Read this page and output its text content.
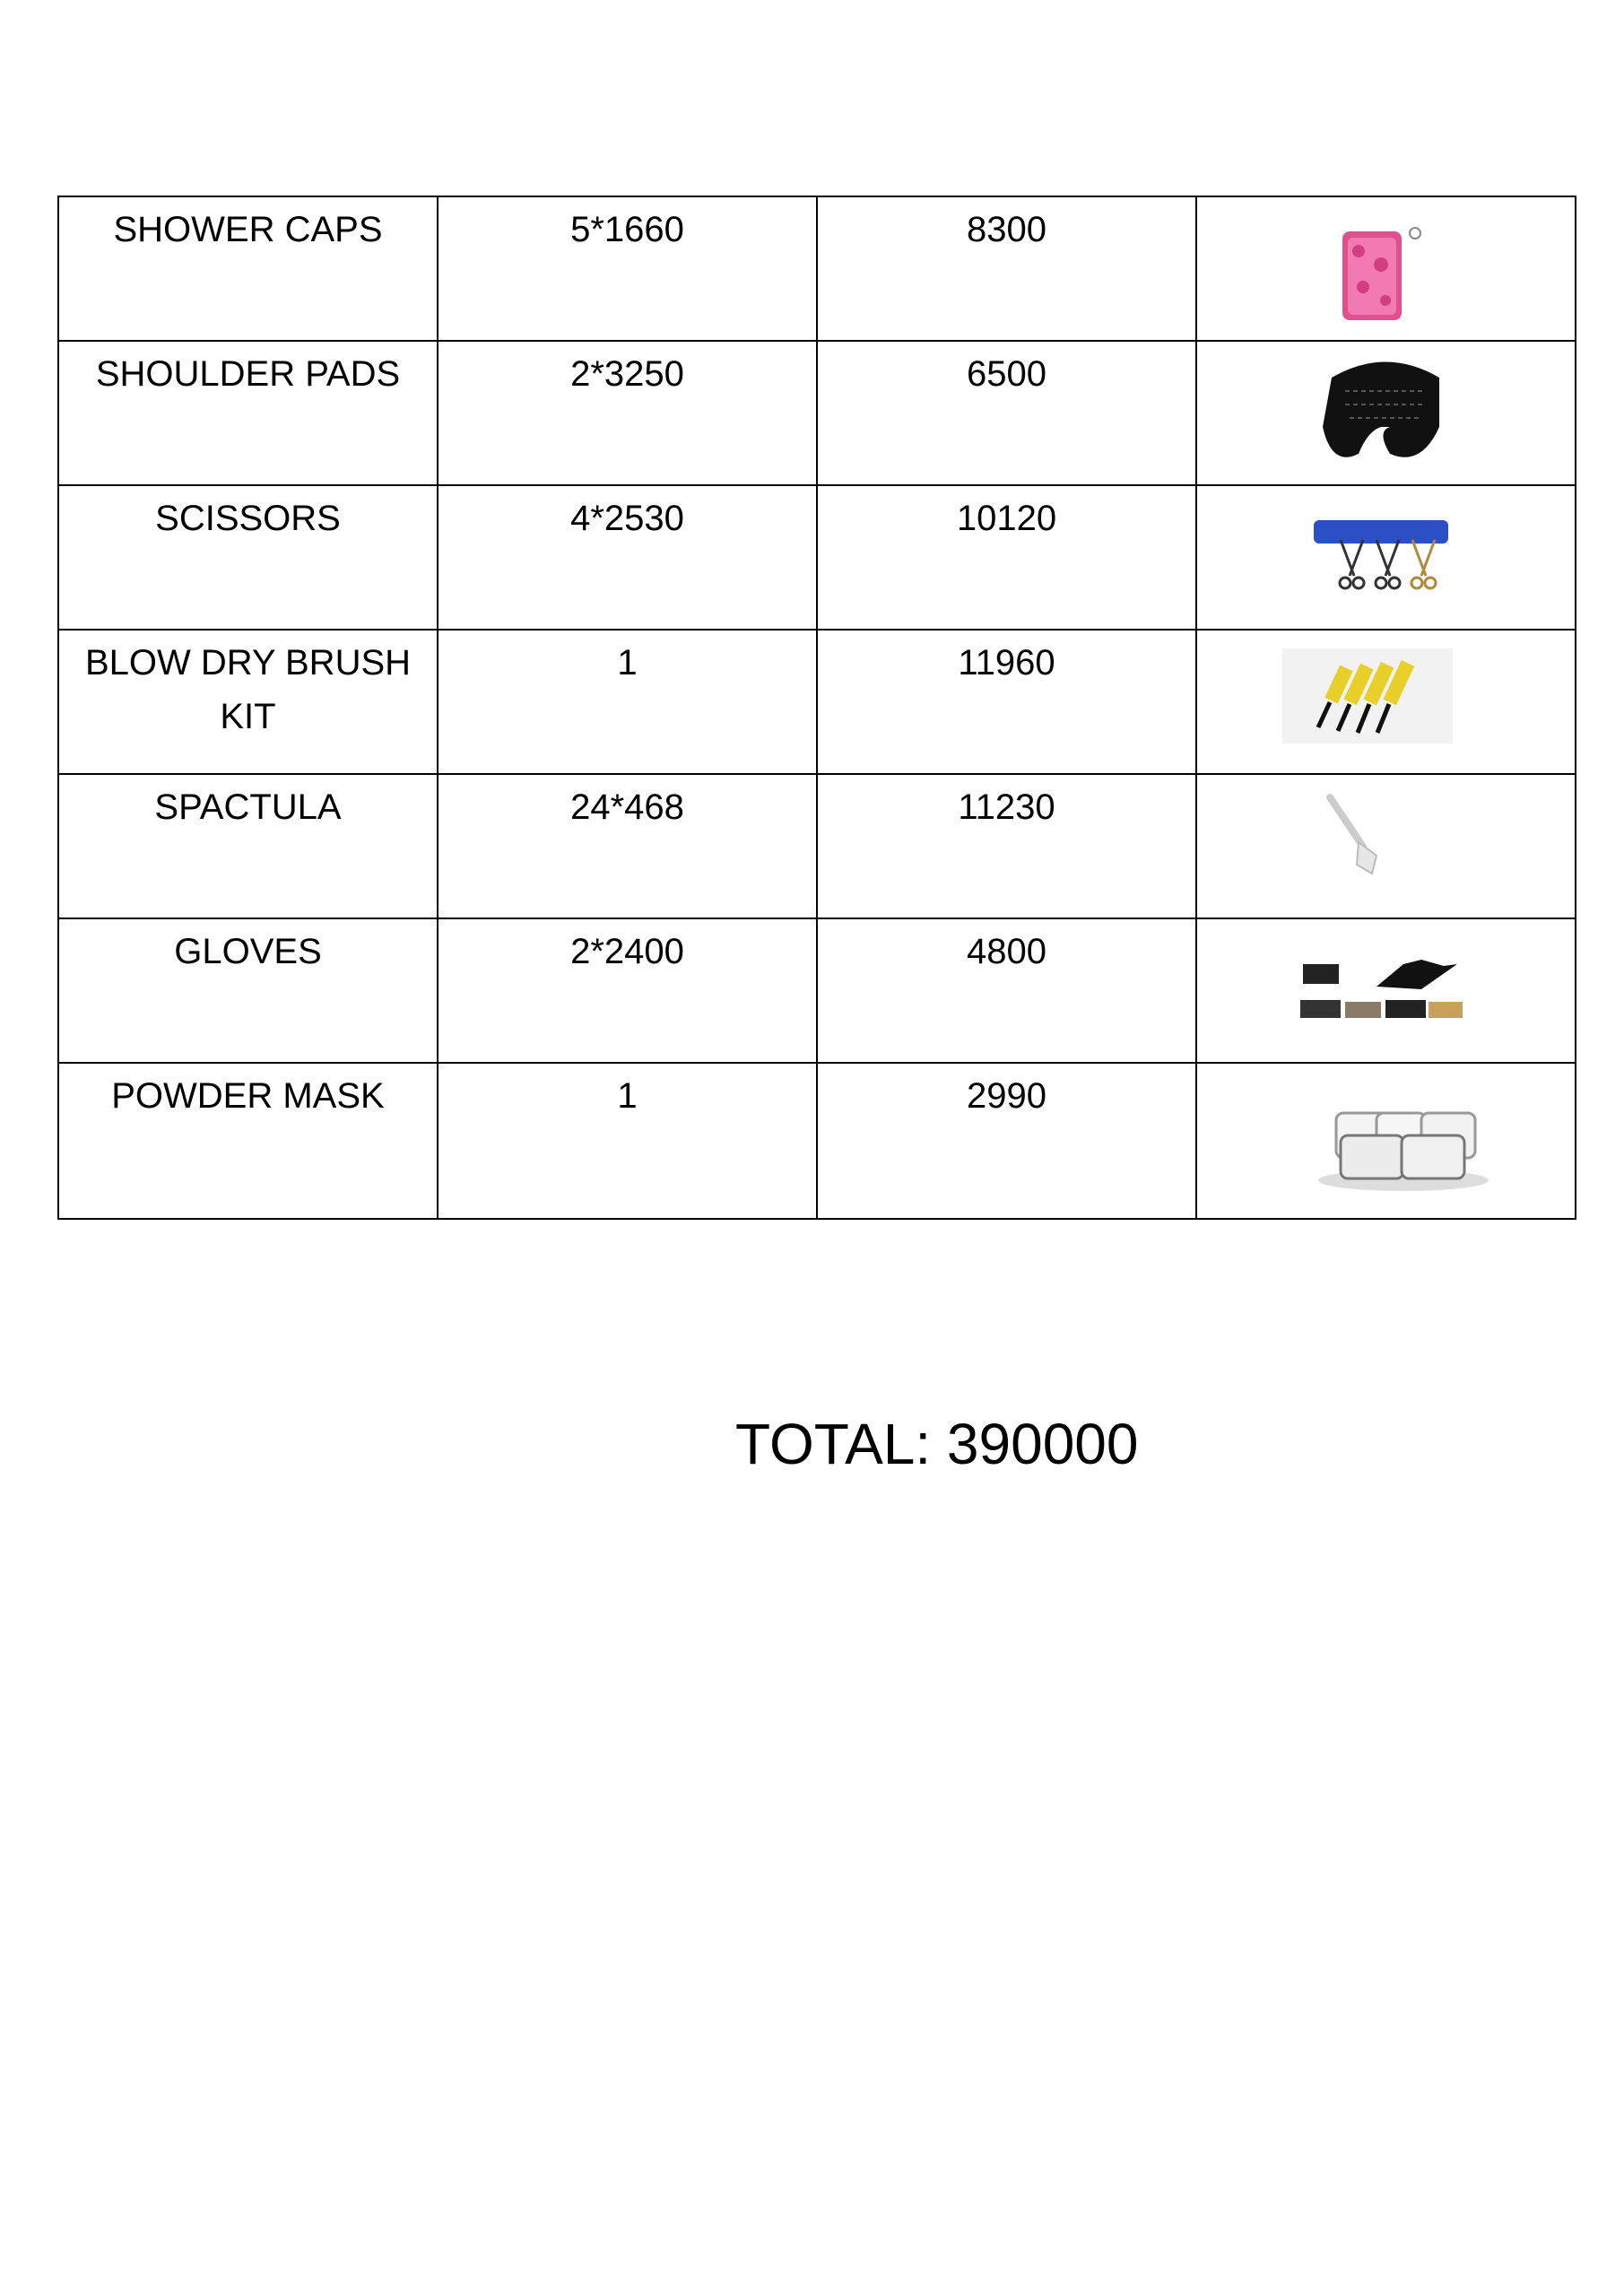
SHOWER CAPS	5*1660	8300	

SHOULDER PADS	2*3250	6500	

SCISSORS	4*2530	10120	

BLOW DRY BRUSH KIT	1	11960	

SPACTULA	24*468	11230	

GLOVES	2*2400	4800	

POWDER MASK	1	2990	
TOTAL: 390000
